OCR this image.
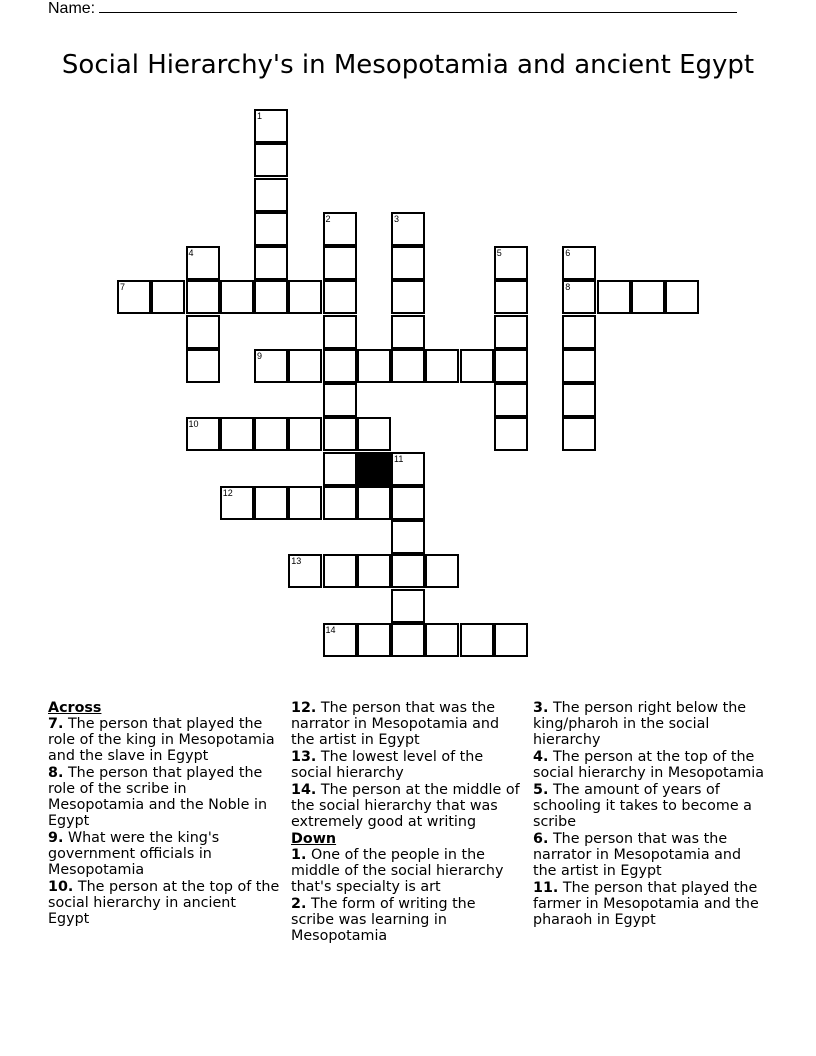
Name:
Social Hierarchy's in Mesopotamia and ancient Egypt
1
2	3
4	5	6
7	8
9
10
11
12
13
14
Across
7. The person that played the role of the king in Mesopotamia and the slave in Egypt
8. The person that played the role of the scribe in Mesopotamia and the Noble in Egypt
9. What were the king's government officials in Mesopotamia
10. The person at the top of the social hierarchy in ancient Egypt
12. The person that was the narrator in Mesopotamia and the artist in Egypt
13. The lowest level of the social hierarchy
14. The person at the middle of the social hierarchy that was extremely good at writing
Down
1. One of the people in the middle of the social hierarchy that's specialty is art
2. The form of writing the scribe was learning in Mesopotamia
3. The person right below the king/pharoh in the social hierarchy
4. The person at the top of the social hierarchy in Mesopotamia
5. The amount of years of schooling it takes to become a scribe
6. The person that was the narrator in Mesopotamia and the artist in Egypt
11. The person that played the farmer in Mesopotamia and the pharaoh in Egypt
